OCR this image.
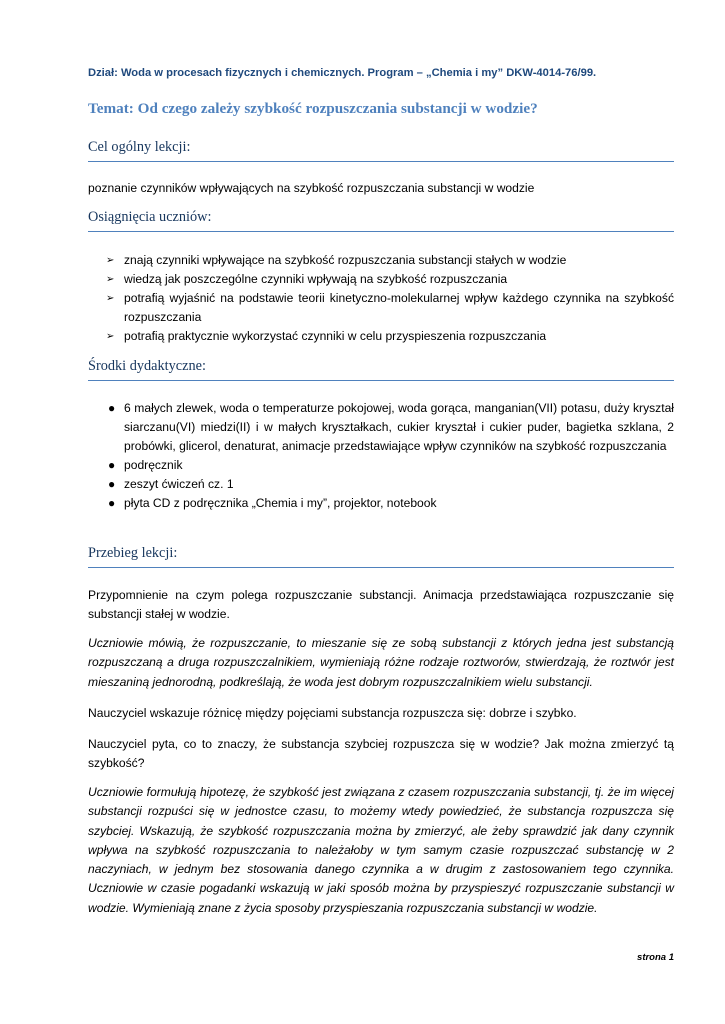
Dział: Woda w procesach fizycznych i chemicznych. Program – „Chemia i my” DKW-4014-76/99.
Temat: Od czego zależy szybkość rozpuszczania substancji w wodzie?
Cel ogólny lekcji:
poznanie czynników wpływających na szybkość rozpuszczania substancji w wodzie
Osiągnięcia uczniów:
➢ znają czynniki wpływające na szybkość rozpuszczania substancji stałych w wodzie
➢ wiedzą jak poszczególne czynniki wpływają na szybkość rozpuszczania
➢ potrafią wyjaśnić na podstawie teorii kinetyczno-molekularnej wpływ każdego czynnika na szybkość rozpuszczania
➢ potrafią praktycznie wykorzystać czynniki w celu przyspieszenia rozpuszczania
Środki dydaktyczne:
● 6 małych zlewek, woda o temperaturze pokojowej, woda gorąca, manganian(VII) potasu, duży kryształ siarczanu(VI) miedzi(II) i w małych kryształkach, cukier kryształ i cukier puder, bagietka szklana, 2 probówki, glicerol, denaturat, animacje przedstawiające wpływ czynników na szybkość rozpuszczania
● podręcznik
● zeszyt ćwiczeń cz. 1
● płyta CD z podręcznika „Chemia i my”, projektor, notebook
Przebieg lekcji:
Przypomnienie na czym polega rozpuszczanie substancji. Animacja przedstawiająca rozpuszczanie się substancji stałej w wodzie.
Uczniowie mówią, że rozpuszczanie, to mieszanie się ze sobą substancji z których jedna jest substancją rozpuszczaną a druga rozpuszczalnikiem, wymieniają różne rodzaje roztworów, stwierdzają, że roztwór jest mieszaniną jednorodną, podkreślają, że woda jest dobrym rozpuszczalnikiem wielu substancji.
Nauczyciel wskazuje różnicę między pojęciami substancja rozpuszcza się: dobrze i szybko.
Nauczyciel pyta, co to znaczy, że substancja szybciej rozpuszcza się w wodzie? Jak można zmierzyć tą szybkość?
Uczniowie formułują hipotezę, że szybkość jest związana z czasem rozpuszczania substancji, tj. że im więcej substancji rozpuści się w jednostce czasu, to możemy wtedy powiedzieć, że substancja rozpuszcza się szybciej. Wskazują, że szybkość rozpuszczania można by zmierzyć, ale żeby sprawdzić jak dany czynnik wpływa na szybkość rozpuszczania to należałoby w tym samym czasie rozpuszczać substancję w 2 naczyniach, w jednym bez stosowania danego czynnika a w drugim z zastosowaniem tego czynnika. Uczniowie w czasie pogadanki wskazują w jaki sposób można by przyspieszyć rozpuszczanie substancji w wodzie. Wymieniają znane z życia sposoby przyspieszania rozpuszczania substancji w wodzie.
strona 1
